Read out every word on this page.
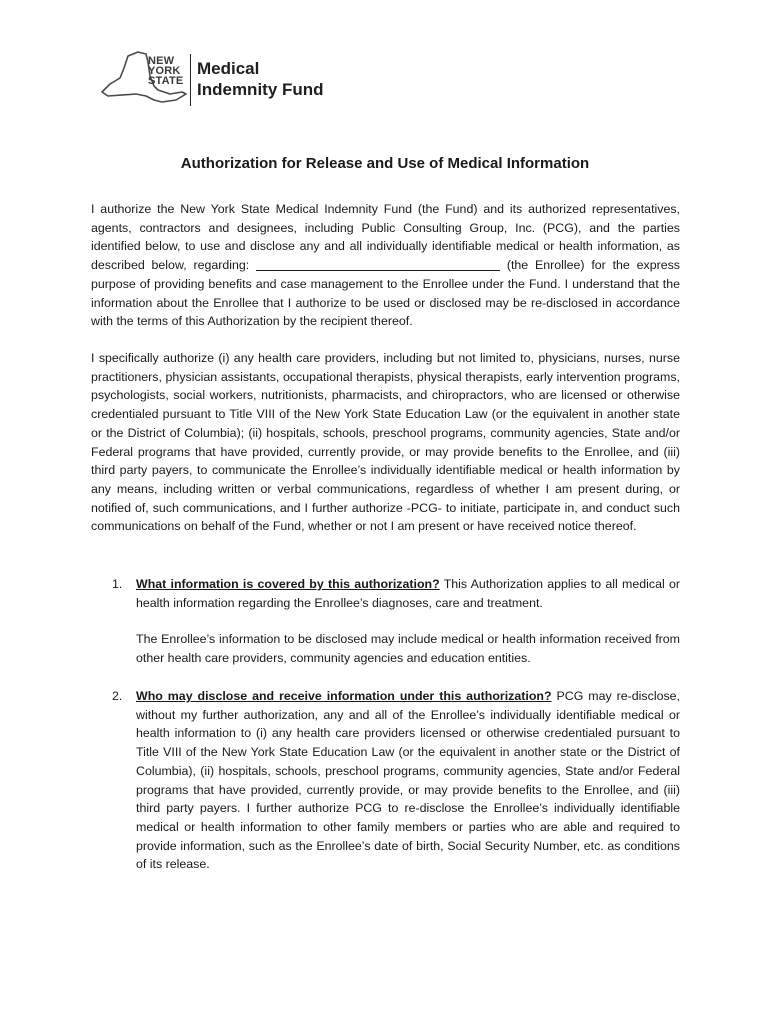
NEW
YORK
STATE
Medical
Indemnity Fund
Authorization for Release and Use of Medical Information

I authorize the New York State Medical Indemnity Fund (the Fund) and its authorized representatives, agents, contractors and designees, including Public Consulting Group, Inc. (PCG), and the parties identified below, to use and disclose any and all individually identifiable medical or health information, as described below, regarding:	(the Enrollee) for the express purpose of providing benefits and case management to the Enrollee under the Fund. I understand that the information about the Enrollee that I authorize to be used or disclosed may be re-disclosed in accordance with the terms of this Authorization by the recipient thereof.

I specifically authorize (i) any health care providers, including but not limited to, physicians, nurses, nurse practitioners, physician assistants, occupational therapists, physical therapists, early intervention programs, psychologists, social workers, nutritionists, pharmacists, and chiropractors, who are licensed or otherwise credentialed pursuant to Title VIII of the New York State Education Law (or the equivalent in another state or the District of Columbia); (ii) hospitals, schools, preschool programs, community agencies, State and/or Federal programs that have provided, currently provide, or may provide benefits to the Enrollee, and (iii) third party payers, to communicate the Enrollee’s individually identifiable medical or health information by any means, including written or verbal communications, regardless of whether I am present during, or notified of, such communications, and I further authorize -PCG- to initiate, participate in, and conduct such communications on behalf of the Fund, whether or not I am present or have received notice thereof.

1. What information is covered by this authorization? This Authorization applies to all medical or health information regarding the Enrollee’s diagnoses, care and treatment.

The Enrollee’s information to be disclosed may include medical or health information received from other health care providers, community agencies and education entities.

2. Who may disclose and receive information under this authorization? PCG may re-disclose, without my further authorization, any and all of the Enrollee’s individually identifiable medical or health information to (i) any health care providers licensed or otherwise credentialed pursuant to Title VIII of the New York State Education Law (or the equivalent in another state or the District of Columbia), (ii) hospitals, schools, preschool programs, community agencies, State and/or Federal programs that have provided, currently provide, or may provide benefits to the Enrollee, and (iii) third party payers. I further authorize PCG to re-disclose the Enrollee’s individually identifiable medical or health information to other family members or parties who are able and required to provide information, such as the Enrollee’s date of birth, Social Security Number, etc. as conditions of its release.
